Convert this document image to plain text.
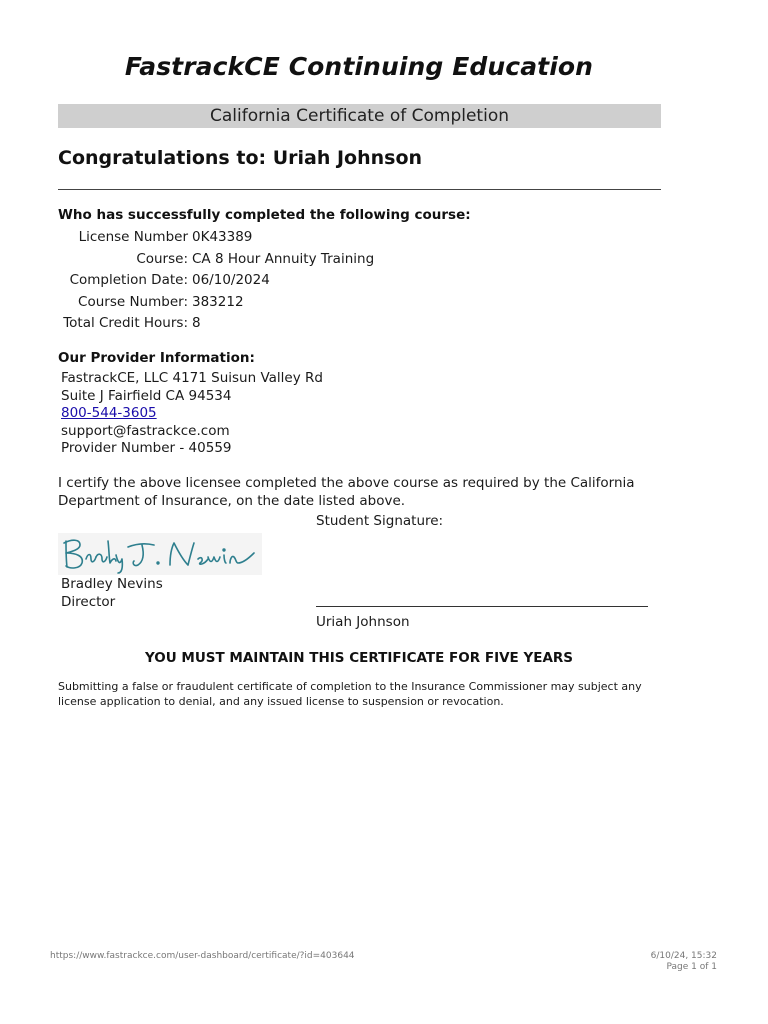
FastrackCE Continuing Education
California Certificate of Completion
Congratulations to: Uriah Johnson
Who has successfully completed the following course:
License Number 0K43389
Course: CA 8 Hour Annuity Training
Completion Date: 06/10/2024
Course Number: 383212
Total Credit Hours: 8
Our Provider Information:
FastrackCE, LLC 4171 Suisun Valley Rd
Suite J Fairfield CA 94534
800-544-3605
support@fastrackce.com
Provider Number - 40559
I certify the above licensee completed the above course as required by the California Department of Insurance, on the date listed above.
Student Signature:
Bradley Nevins
Director
Uriah Johnson
YOU MUST MAINTAIN THIS CERTIFICATE FOR FIVE YEARS
Submitting a false or fraudulent certificate of completion to the Insurance Commissioner may subject any license application to denial, and any issued license to suspension or revocation.
https://www.fastrackce.com/user-dashboard/certificate/?id=403644	6/10/24, 15:32
Page 1 of 1
